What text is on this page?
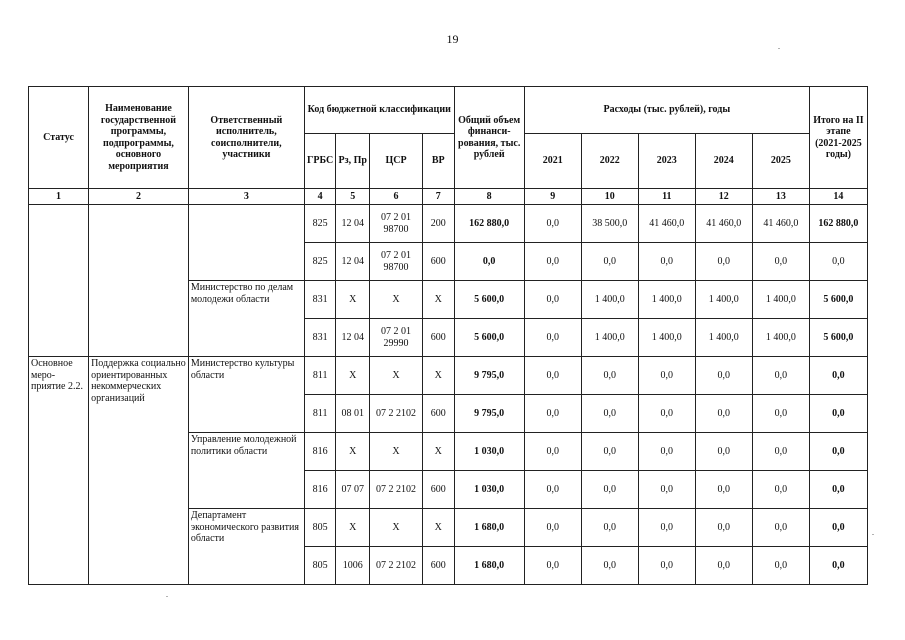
19
Статус	Наименование государственной программы, подпрограммы, основного мероприятия	Ответственный исполнитель, соисполнители, участники	Код бюджетной классификации				Общий объем финанси-рования, тыс. рублей	Расходы (тыс. рублей), годы					Итого на II этапе (2021-2025 годы)
			ГРБС	Рз, Пр	ЦСР	ВР		2021	2022	2023	2024	2025	
1	2	3	4	5	6	7	8	9	10	11	12	13	14
			825	12 04	07 2 01 98700	200	162 880,0	0,0	38 500,0	41 460,0	41 460,0	41 460,0	162 880,0
			825	12 04	07 2 01 98700	600	0,0	0,0	0,0	0,0	0,0	0,0	0,0
		Министерство по делам молодежи области	831	Х	Х	Х	5 600,0	0,0	1 400,0	1 400,0	1 400,0	1 400,0	5 600,0
			831	12 04	07 2 01 29990	600	5 600,0	0,0	1 400,0	1 400,0	1 400,0	1 400,0	5 600,0
Основное меро-приятие 2.2.	Поддержка социально ориентированных некоммерческих организаций	Министерство культуры области	811	Х	Х	Х	9 795,0	0,0	0,0	0,0	0,0	0,0	0,0
			811	08 01	07 2 2102	600	9 795,0	0,0	0,0	0,0	0,0	0,0	0,0
		Управление молодежной политики области	816	Х	Х	Х	1 030,0	0,0	0,0	0,0	0,0	0,0	0,0
			816	07 07	07 2 2102	600	1 030,0	0,0	0,0	0,0	0,0	0,0	0,0
		Департамент экономического развития области	805	Х	Х	Х	1 680,0	0,0	0,0	0,0	0,0	0,0	0,0
			805	1006	07 2 2102	600	1 680,0	0,0	0,0	0,0	0,0	0,0	0,0
.
.
.
